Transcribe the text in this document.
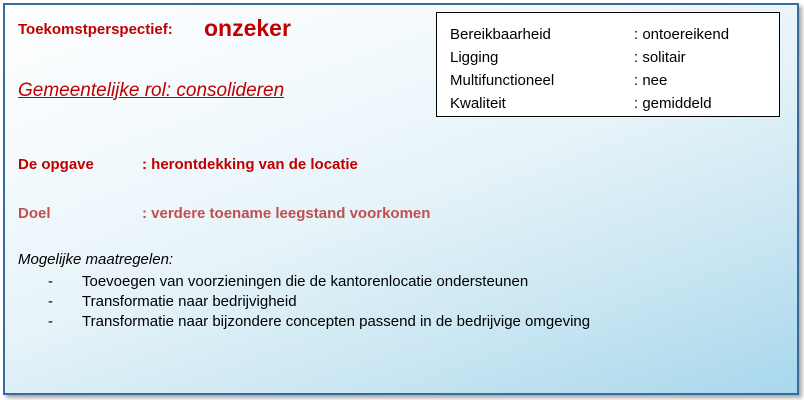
Toekomstperspectief: onzeker
Gemeentelijke rol: consolideren
De opgave	: herontdekking van de locatie
Doel	: verdere toename leegstand voorkomen
Mogelijke maatregelen:
-	Toevoegen van voorzieningen die de kantorenlocatie ondersteunen
-	Transformatie naar bedrijvigheid
-	Transformatie naar bijzondere concepten passend in de bedrijvige omgeving
Bereikbaarheid	: ontoereikend
Ligging	: solitair
Multifunctioneel	: nee
Kwaliteit	: gemiddeld
